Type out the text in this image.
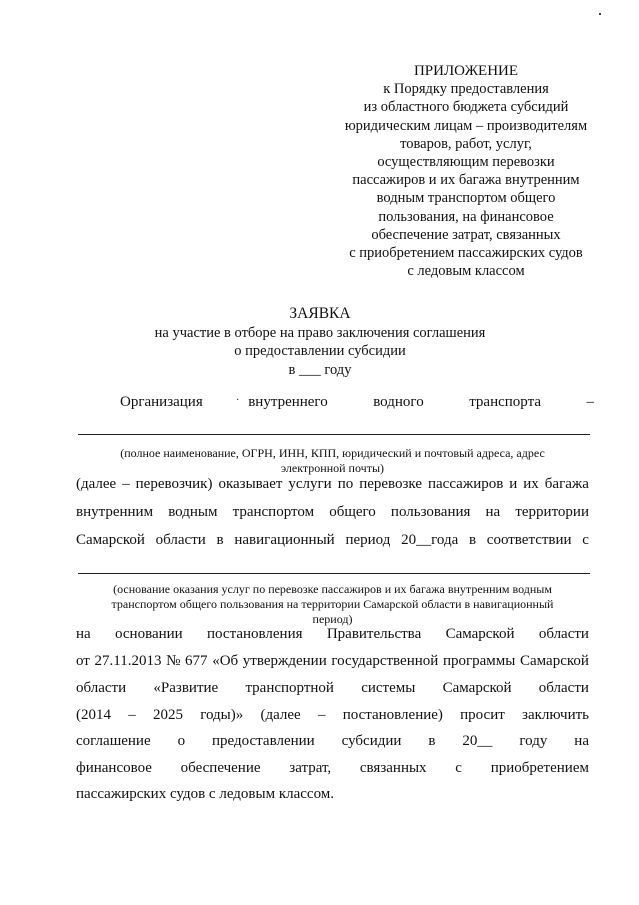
ПРИЛОЖЕНИЕ
к Порядку предоставления
из областного бюджета субсидий
юридическим лицам – производителям
товаров, работ, услуг,
осуществляющим перевозки
пассажиров и их багажа внутренним
водным транспортом общего
пользования, на финансовое
обеспечение затрат, связанных
с приобретением пассажирских судов
с ледовым классом
ЗАЯВКА
на участие в отборе на право заключения соглашения
о предоставлении субсидии
в ___ году
Организация	внутреннего	водного	транспорта	–
·
(полное наименование, ОГРН, ИНН, КПП, юридический и почтовый адреса, адрес
электронной почты)
(далее – перевозчик) оказывает услуги по перевозке пассажиров и их багажа
внутренним водным транспортом общего пользования на территории
Самарской области в навигационный период 20__года в соответствии с
(основание оказания услуг по перевозке пассажиров и их багажа внутренним водным
транспортом общего пользования на территории Самарской области в навигационный
период)
на основании постановления Правительства Самарской области
от 27.11.2013 № 677 «Об утверждении государственной программы Самарской
области «Развитие транспортной системы Самарской области
(2014 – 2025 годы)» (далее – постановление) просит заключить
соглашение о предоставлении субсидии в 20__ году на
финансовое обеспечение затрат, связанных с приобретением
пассажирских судов с ледовым классом.
